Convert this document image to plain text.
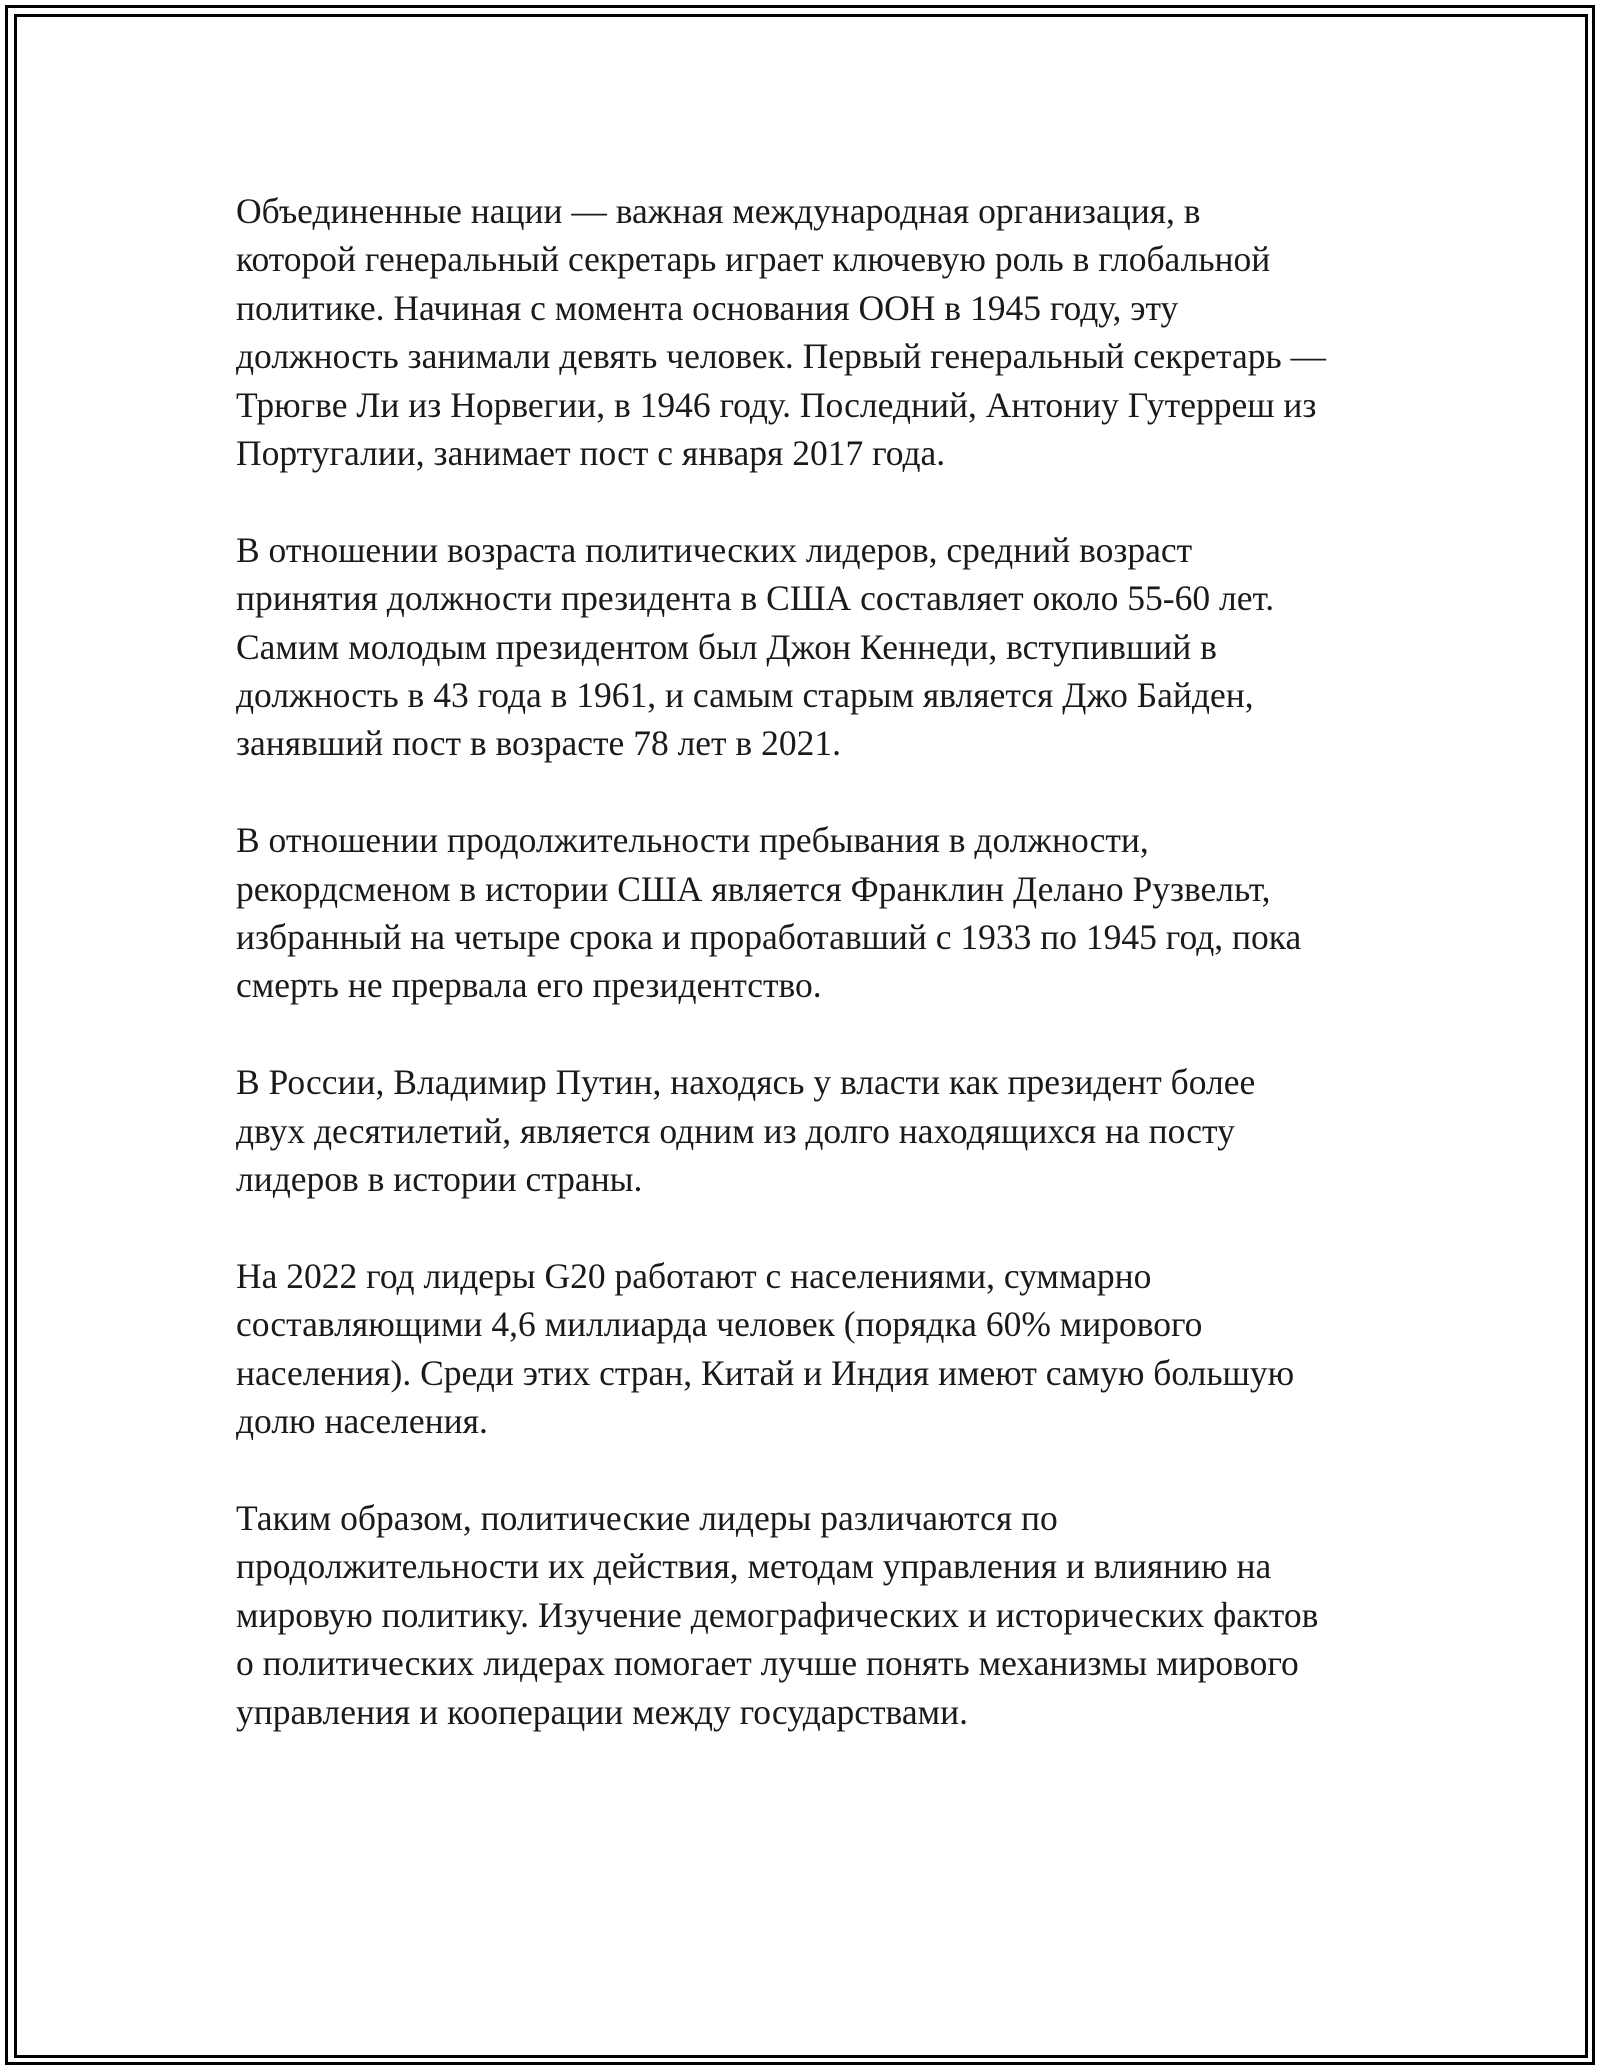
Объединенные нации — важная международная организация, в
которой генеральный секретарь играет ключевую роль в глобальной
политике. Начиная с момента основания ООН в 1945 году, эту
должность занимали девять человек. Первый генеральный секретарь —
Трюгве Ли из Норвегии, в 1946 году. Последний, Антониу Гутерреш из
Португалии, занимает пост с января 2017 года.

В отношении возраста политических лидеров, средний возраст
принятия должности президента в США составляет около 55-60 лет.
Самим молодым президентом был Джон Кеннеди, вступивший в
должность в 43 года в 1961, и самым старым является Джо Байден,
занявший пост в возрасте 78 лет в 2021.

В отношении продолжительности пребывания в должности,
рекордсменом в истории США является Франклин Делано Рузвельт,
избранный на четыре срока и проработавший с 1933 по 1945 год, пока
смерть не прервала его президентство.

В России, Владимир Путин, находясь у власти как президент более
двух десятилетий, является одним из долго находящихся на посту
лидеров в истории страны.

На 2022 год лидеры G20 работают с населениями, суммарно
составляющими 4,6 миллиарда человек (порядка 60% мирового
населения). Среди этих стран, Китай и Индия имеют самую большую
долю населения.

Таким образом, политические лидеры различаются по
продолжительности их действия, методам управления и влиянию на
мировую политику. Изучение демографических и исторических фактов
о политических лидерах помогает лучше понять механизмы мирового
управления и кооперации между государствами.
